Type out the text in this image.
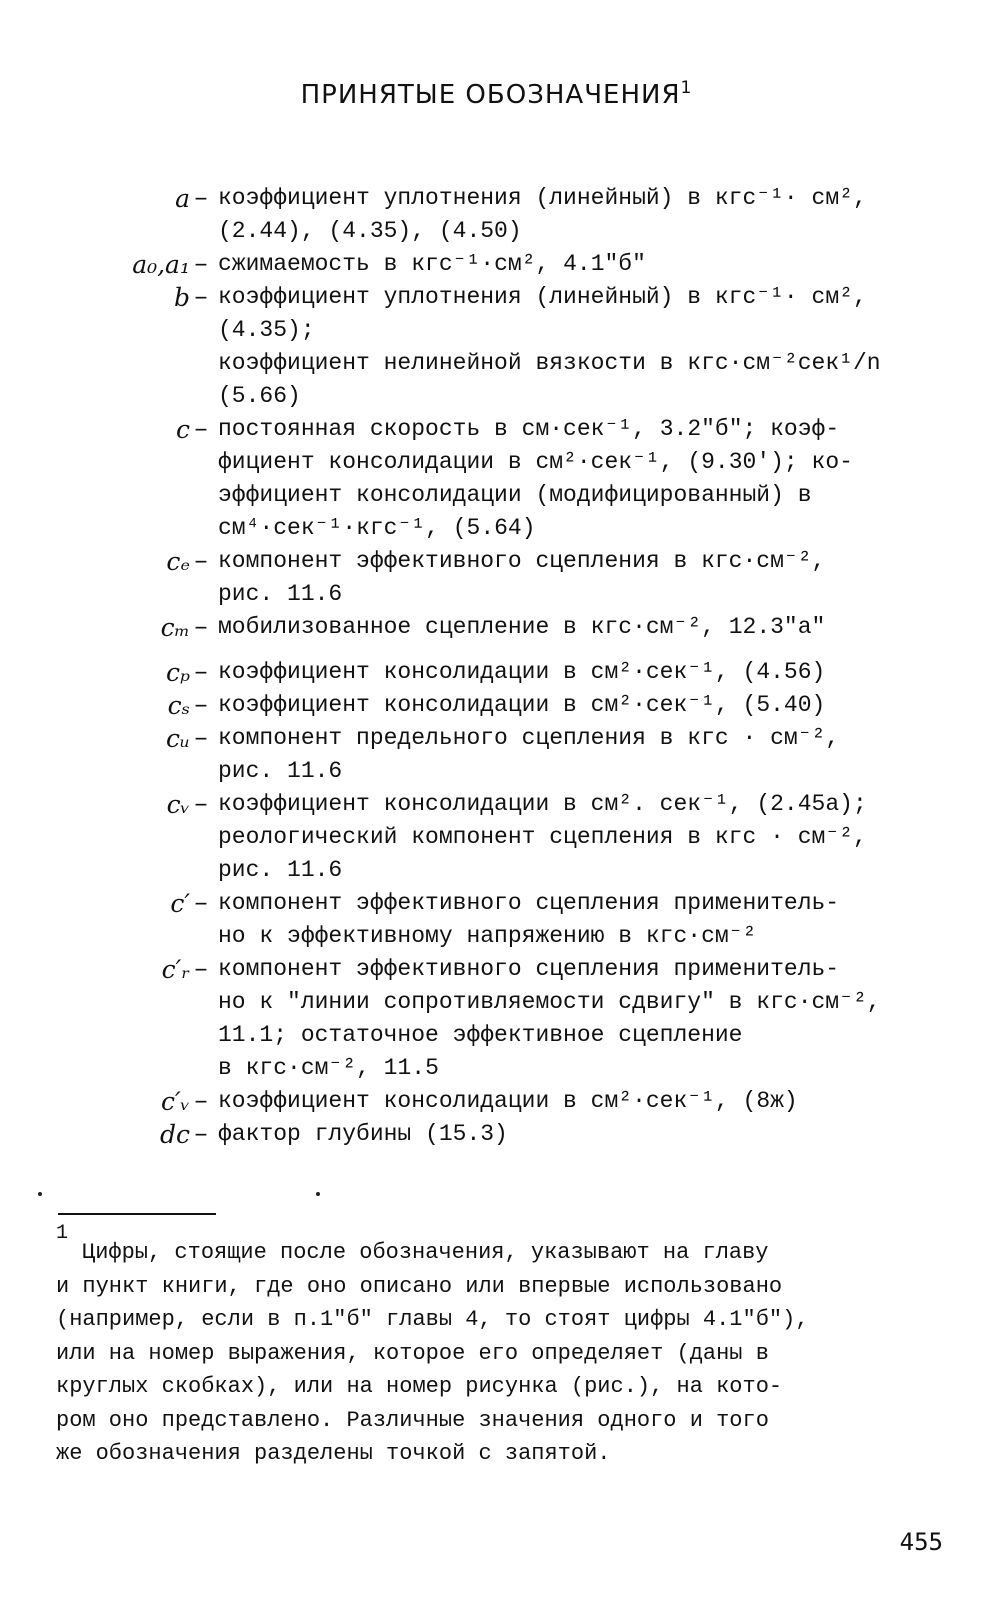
ПРИНЯТЫЕ ОБОЗНАЧЕНИЯ$^1$
a – коэффициент уплотнения (линейный) в кгс⁻¹· см²,
(2.44), (4.35), (4.50)
a₀,a₁ – сжимаемость в кгс⁻¹·см², 4.1″б″
b – коэффициент уплотнения (линейный) в кгс⁻¹· см²,
(4.35);
коэффициент нелинейной вязкости в кгс·см⁻²сек¹/n
(5.66)
c – постоянная скорость в см·сек⁻¹, 3.2″б″; коэф-
фициент консолидации в см²·сек⁻¹, (9.30′); ко-
эффициент консолидации (модифицированный) в
см⁴·сек⁻¹·кгс⁻¹, (5.64)
cₑ – компонент эффективного сцепления в кгс·см⁻²,
рис. 11.6
cₘ – мобилизованное сцепление в кгс·см⁻², 12.3″а″
cₚ – коэффициент консолидации в см²·сек⁻¹, (4.56)
cₛ – коэффициент консолидации в см²·сек⁻¹, (5.40)
cᵤ – компонент предельного сцепления в кгс · см⁻²,
рис. 11.6
cᵥ – коэффициент консолидации в см². сек⁻¹, (2.45а);
реологический компонент сцепления в кгс · см⁻²,
рис. 11.6
c′ – компонент эффективного сцепления применитель-
но к эффективному напряжению в кгс·см⁻²
c′ᵣ – компонент эффективного сцепления применитель-
но к ″линии сопротивляемости сдвигу″ в кгс·см⁻²,
11.1; остаточное эффективное сцепление
в кгс·см⁻², 11.5
c′ᵥ – коэффициент консолидации в см²·сек⁻¹, (8ж)
dc – фактор глубины (15.3)
1
Цифры, стоящие после обозначения, указывают на главу
и пункт книги, где оно описано или впервые использовано
(например, если в п.1″б″ главы 4, то стоят цифры 4.1″б″),
или на номер выражения, которое его определяет (даны в
круглых скобках), или на номер рисунка (рис.), на кото-
ром оно представлено. Различные значения одного и того
же обозначения разделены точкой с запятой.
455
